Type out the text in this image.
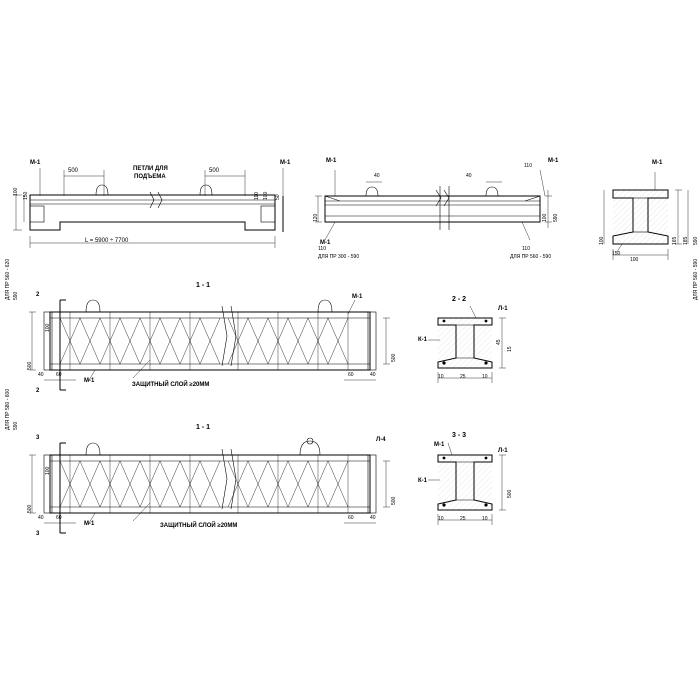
М-1	М-1
500	500
ПЕТЛИ ДЛЯ
ПОДЪЕМА
L = 5900 ÷ 7700
100 150	110 100 50
ДЛЯ ПР 560 - 620 590
ДЛЯ ПР 580 - 600 590
М-1	М-1
М-1
40	40
110
120	100 590
110	110
ДЛЯ ПР 300 - 590	ДЛЯ ПР 560 - 590
М-1
165 185 590
100
150
100	ДЛЯ ПР 560 - 590
1 - 1
2
2
М-1
М-1
ЗАЩИТНЫЙ СЛОЙ ≥20ММ
40 60	60	40
500
500
100
2 - 2
Л-1
К-1	45
15
10	25	10
1 - 1
3
3
Л-4
М-1	ЗАЩИТНЫЙ СЛОЙ ≥20ММ
40 60	60	40
500
500
100
3 - 3
М-1
Л-1
К-1
500
10	25	10
